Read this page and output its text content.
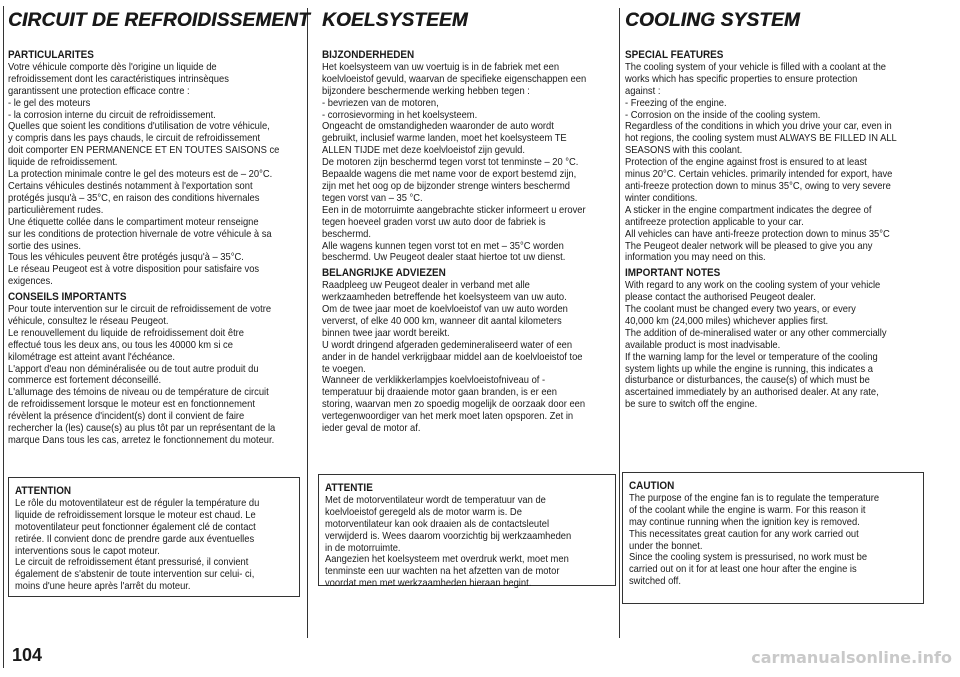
CIRCUIT DE REFROIDISSEMENT

PARTICULARITES

Votre véhicule comporte dès l'origine un liquide de

refroidissement dont les caractéristiques intrinsèques

garantissent une protection efficace contre :

- le gel des moteurs

- la corrosion interne du circuit de refroidissement.

Quelles que soient les conditions d'utilisation de votre véhicule,

y compris dans les pays chauds, le circuit de refroidissement

doit comporter EN PERMANENCE ET EN TOUTES SAISONS ce

liquide de refroidissement.

La protection minimale contre le gel des moteurs est de – 20°C.

Certains véhicules destinés notamment à l'exportation sont

protégés jusqu'à – 35°C, en raison des conditions hivernales

particulièrement rudes.

Une étiquette collée dans le compartiment moteur renseigne

sur les conditions de protection hivernale de votre véhicule à sa

sortie des usines.

Tous les véhicules peuvent être protégés jusqu'à – 35°C.

Le réseau Peugeot est à votre disposition pour satisfaire vos

exigences.

CONSEILS IMPORTANTS

Pour toute intervention sur le circuit de refroidissement de votre

véhicule, consultez le réseau Peugeot.

Le renouvellement du liquide de refroidissement doit être

effectué tous les deux ans, ou tous les 40000 km si ce

kilométrage est atteint avant l'échéance.

L'apport d'eau non déminéralisée ou de tout autre produit du

commerce est fortement déconseillé.

L'allumage des témoins de niveau ou de température de circuit

de refroidissement lorsque le moteur est en fonctionnement

révèlent la présence d'incident(s) dont il convient de faire

rechercher la (les) cause(s) au plus tôt par un représentant de la

marque Dans tous les cas, arretez le fonctionnement du moteur.

ATTENTION

Le rôle du motoventilateur est de réguler la température du

liquide de refroidissement lorsque le moteur est chaud. Le

motoventilateur peut fonctionner également clé de contact

retirée. Il convient donc de prendre garde aux éventuelles

interventions sous le capot moteur.

Le circuit de refroidissement étant pressurisé, il convient

également de s'abstenir de toute intervention sur celui- ci,

moins d'une heure après l'arrêt du moteur.

KOELSYSTEEM

BIJZONDERHEDEN

Het koelsysteem van uw voertuig is in de fabriek met een

koelvloeistof gevuld, waarvan de specifieke eigenschappen een

bijzondere beschermende werking hebben tegen :

- bevriezen van de motoren,

- corrosievorming in het koelsysteem.

Ongeacht de omstandigheden waaronder de auto wordt

gebruikt, inclusief warme landen, moet het koelsysteem TE

ALLEN TIJDE met deze koelvloeistof zijn gevuld.

De motoren zijn beschermd tegen vorst tot tenminste – 20 °C.

Bepaalde wagens die met name voor de export bestemd zijn,

zijn met het oog op de bijzonder strenge winters beschermd

tegen vorst van – 35 °C.

Een in de motorruimte aangebrachte sticker informeert u erover

tegen hoeveel graden vorst uw auto door de fabriek is

beschermd.

Alle wagens kunnen tegen vorst tot en met – 35°C worden

beschermd. Uw Peugeot dealer staat hiertoe tot uw dienst.

BELANGRIJKE ADVIEZEN

Raadpleeg uw Peugeot dealer in verband met alle

werkzaamheden betreffende het koelsysteem van uw auto.

Om de twee jaar moet de koelvloeistof van uw auto worden

ververst, of elke 40 000 km, wanneer dit aantal kilometers

binnen twee jaar wordt bereikt.

U wordt dringend afgeraden gedemineraliseerd water of een

ander in de handel verkrijgbaar middel aan de koelvloeistof toe

te voegen.

Wanneer de verklikkerlampjes koelvloeistofniveau of -

temperatuur bij draaiende motor gaan branden, is er een

storing, waarvan men zo spoedig mogelijk de oorzaak door een

vertegenwoordiger van het merk moet laten opsporen. Zet in

ieder geval de motor af.

ATTENTIE

Met de motorventilateur wordt de temperatuur van de

koelvloeistof geregeld als de motor warm is. De

motorventilateur kan ook draaien als de contactsleutel

verwijderd is. Wees daarom voorzichtig bij werkzaamheden

in de motorruimte.

Aangezien het koelsysteem met overdruk werkt, moet men

tenminste een uur wachten na het afzetten van de motor

voordat men met werkzaamheden hieraan begint.

COOLING SYSTEM

SPECIAL FEATURES

The cooling system of your vehicle is filled with a coolant at the

works which has specific properties to ensure protection

against :

- Freezing of the engine.

- Corrosion on the inside of the cooling system.

Regardless of the conditions in which you drive your car, even in

hot regions, the cooling system must ALWAYS BE FILLED IN ALL

SEASONS with this coolant.

Protection of the engine against frost is ensured to at least

minus 20°C. Certain vehicles. primarily intended for export, have

anti-freeze protection down to minus 35°C, owing to very severe

winter conditions.

A sticker in the engine compartment indicates the degree of

antifreeze protection applicable to your car.

All vehicles can have anti-freeze protection down to minus 35°C

The Peugeot dealer network will be pleased to give you any

information you may need on this.

IMPORTANT NOTES

With regard to any work on the cooling system of your vehicle

please contact the authorised Peugeot dealer.

The coolant must be changed every two years, or every

40,000 km (24,000 miles) whichever applies first.

The addition of de-mineralised water or any other commercially

available product is most inadvisable.

If the warning lamp for the level or temperature of the cooling

system lights up while the engine is running, this indicates a

disturbance or disturbances, the cause(s) of which must be

ascertained immediately by an authorised dealer. At any rate,

be sure to switch off the engine.

CAUTION

The purpose of the engine fan is to regulate the temperature

of the coolant while the engine is warm. For this reason it

may continue running when the ignition key is removed.

This necessitates great caution for any work carried out

under the bonnet.

Since the cooling system is pressurised, no work must be

carried out on it for at least one hour after the engine is

switched off.

104	carmanualsonline.info
